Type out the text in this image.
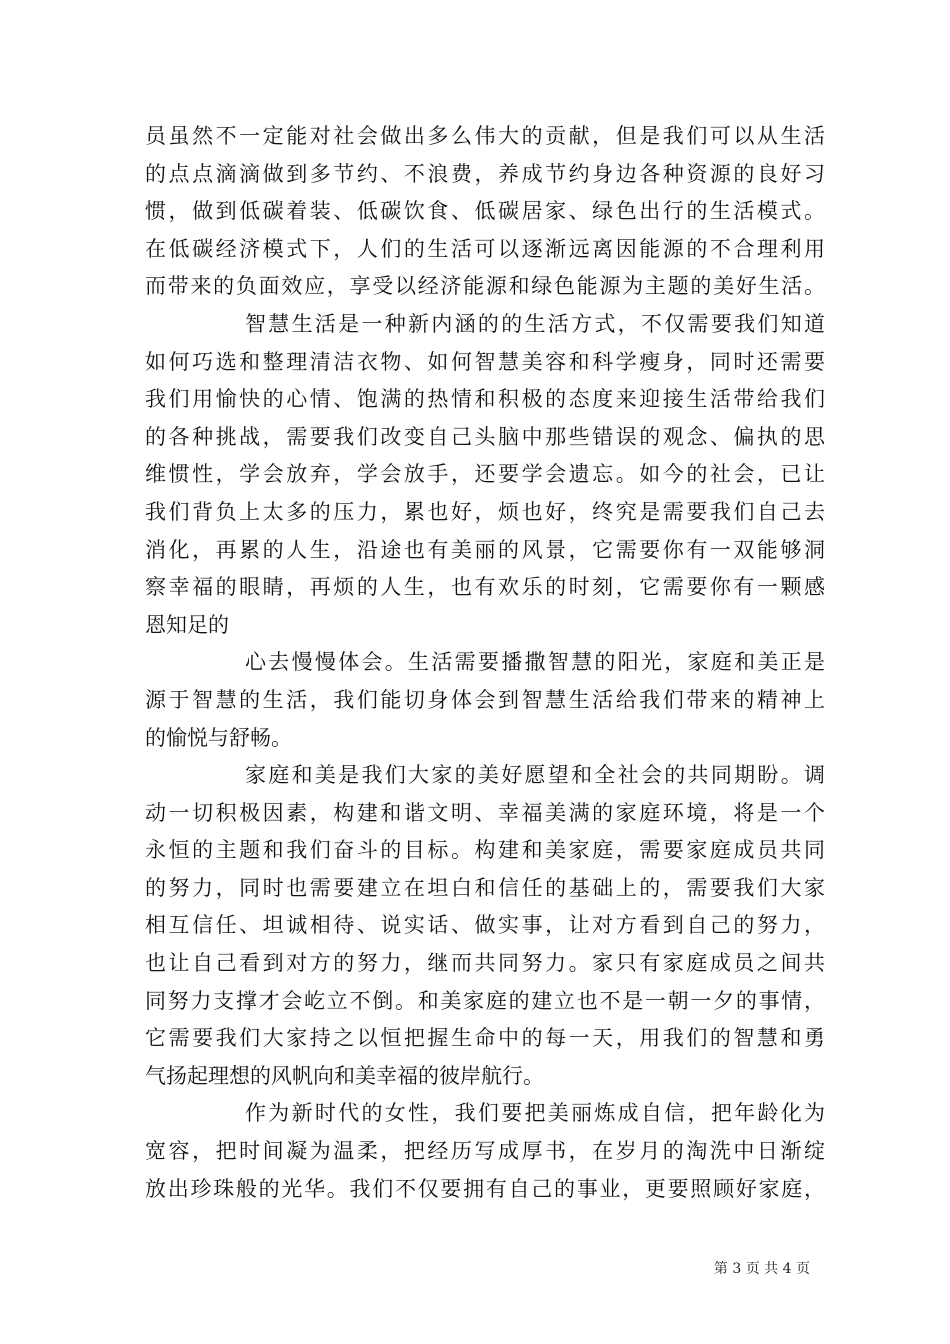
员虽然不一定能对社会做出多么伟大的贡献，但是我们可以从生活
的点点滴滴做到多节约、不浪费，养成节约身边各种资源的良好习
惯，做到低碳着装、低碳饮食、低碳居家、绿色出行的生活模式。
在低碳经济模式下，人们的生活可以逐渐远离因能源的不合理利用
而带来的负面效应，享受以经济能源和绿色能源为主题的美好生活。
智慧生活是一种新内涵的的生活方式，不仅需要我们知道
如何巧选和整理清洁衣物、如何智慧美容和科学瘦身，同时还需要
我们用愉快的心情、饱满的热情和积极的态度来迎接生活带给我们
的各种挑战，需要我们改变自己头脑中那些错误的观念、偏执的思
维惯性，学会放弃，学会放手，还要学会遗忘。如今的社会，已让
我们背负上太多的压力，累也好，烦也好，终究是需要我们自己去
消化，再累的人生，沿途也有美丽的风景，它需要你有一双能够洞
察幸福的眼睛，再烦的人生，也有欢乐的时刻，它需要你有一颗感
恩知足的
心去慢慢体会。生活需要播撒智慧的阳光，家庭和美正是
源于智慧的生活，我们能切身体会到智慧生活给我们带来的精神上
的愉悦与舒畅。
家庭和美是我们大家的美好愿望和全社会的共同期盼。调
动一切积极因素，构建和谐文明、幸福美满的家庭环境，将是一个
永恒的主题和我们奋斗的目标。构建和美家庭，需要家庭成员共同
的努力，同时也需要建立在坦白和信任的基础上的，需要我们大家
相互信任、坦诚相待、说实话、做实事，让对方看到自己的努力，
也让自己看到对方的努力，继而共同努力。家只有家庭成员之间共
同努力支撑才会屹立不倒。和美家庭的建立也不是一朝一夕的事情，
它需要我们大家持之以恒把握生命中的每一天，用我们的智慧和勇
气扬起理想的风帆向和美幸福的彼岸航行。
作为新时代的女性，我们要把美丽炼成自信，把年龄化为
宽容，把时间凝为温柔，把经历写成厚书，在岁月的淘洗中日渐绽
放出珍珠般的光华。我们不仅要拥有自己的事业，更要照顾好家庭，
第 3 页 共 4 页
